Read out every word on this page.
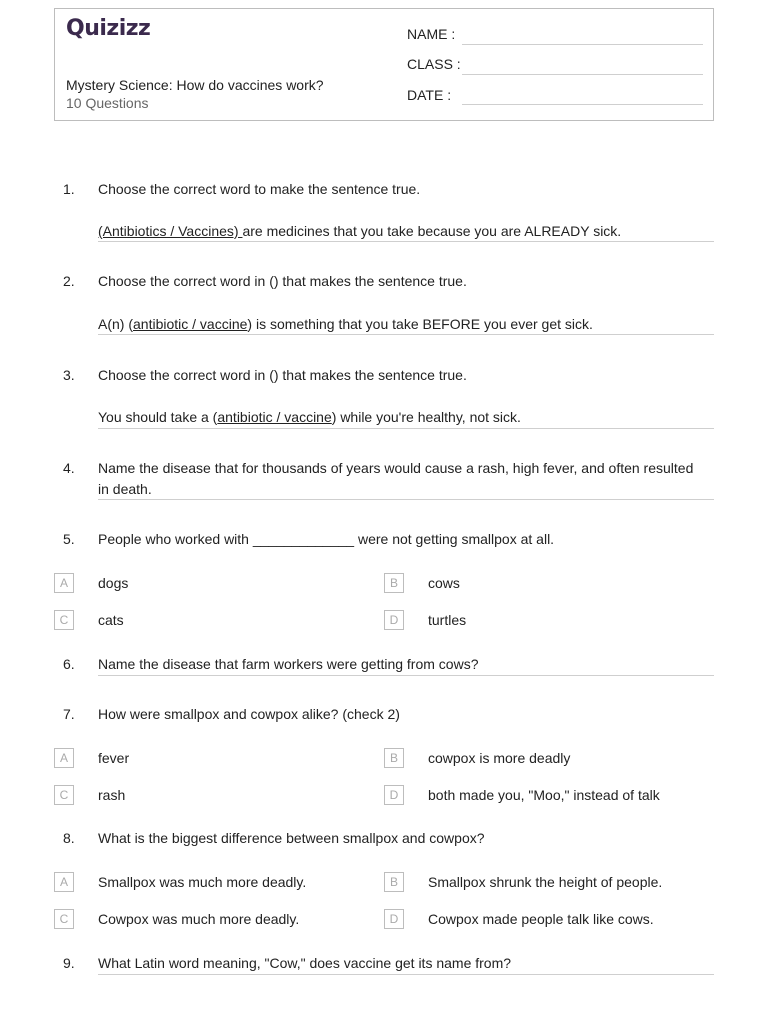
Quizizz
Mystery Science: How do vaccines work?
10 Questions
NAME :
CLASS :
DATE :
1. Choose the correct word to make the sentence true.
(Antibiotics / Vaccines) are medicines that you take because you are ALREADY sick.
2. Choose the correct word in () that makes the sentence true.
A(n) (antibiotic / vaccine) is something that you take BEFORE you ever get sick.
3. Choose the correct word in () that makes the sentence true.
You should take a (antibiotic / vaccine) while you're healthy, not sick.
4. Name the disease that for thousands of years would cause a rash, high fever, and often resulted in death.
5. People who worked with _____________ were not getting smallpox at all.
A	dogs	B	cows
C	cats	D	turtles
6. Name the disease that farm workers were getting from cows?
7. How were smallpox and cowpox alike? (check 2)
A	fever	B	cowpox is more deadly
C	rash	D	both made you, "Moo," instead of talk
8. What is the biggest difference between smallpox and cowpox?
A	Smallpox was much more deadly.	B	Smallpox shrunk the height of people.
C	Cowpox was much more deadly.	D	Cowpox made people talk like cows.
9. What Latin word meaning, "Cow," does vaccine get its name from?
